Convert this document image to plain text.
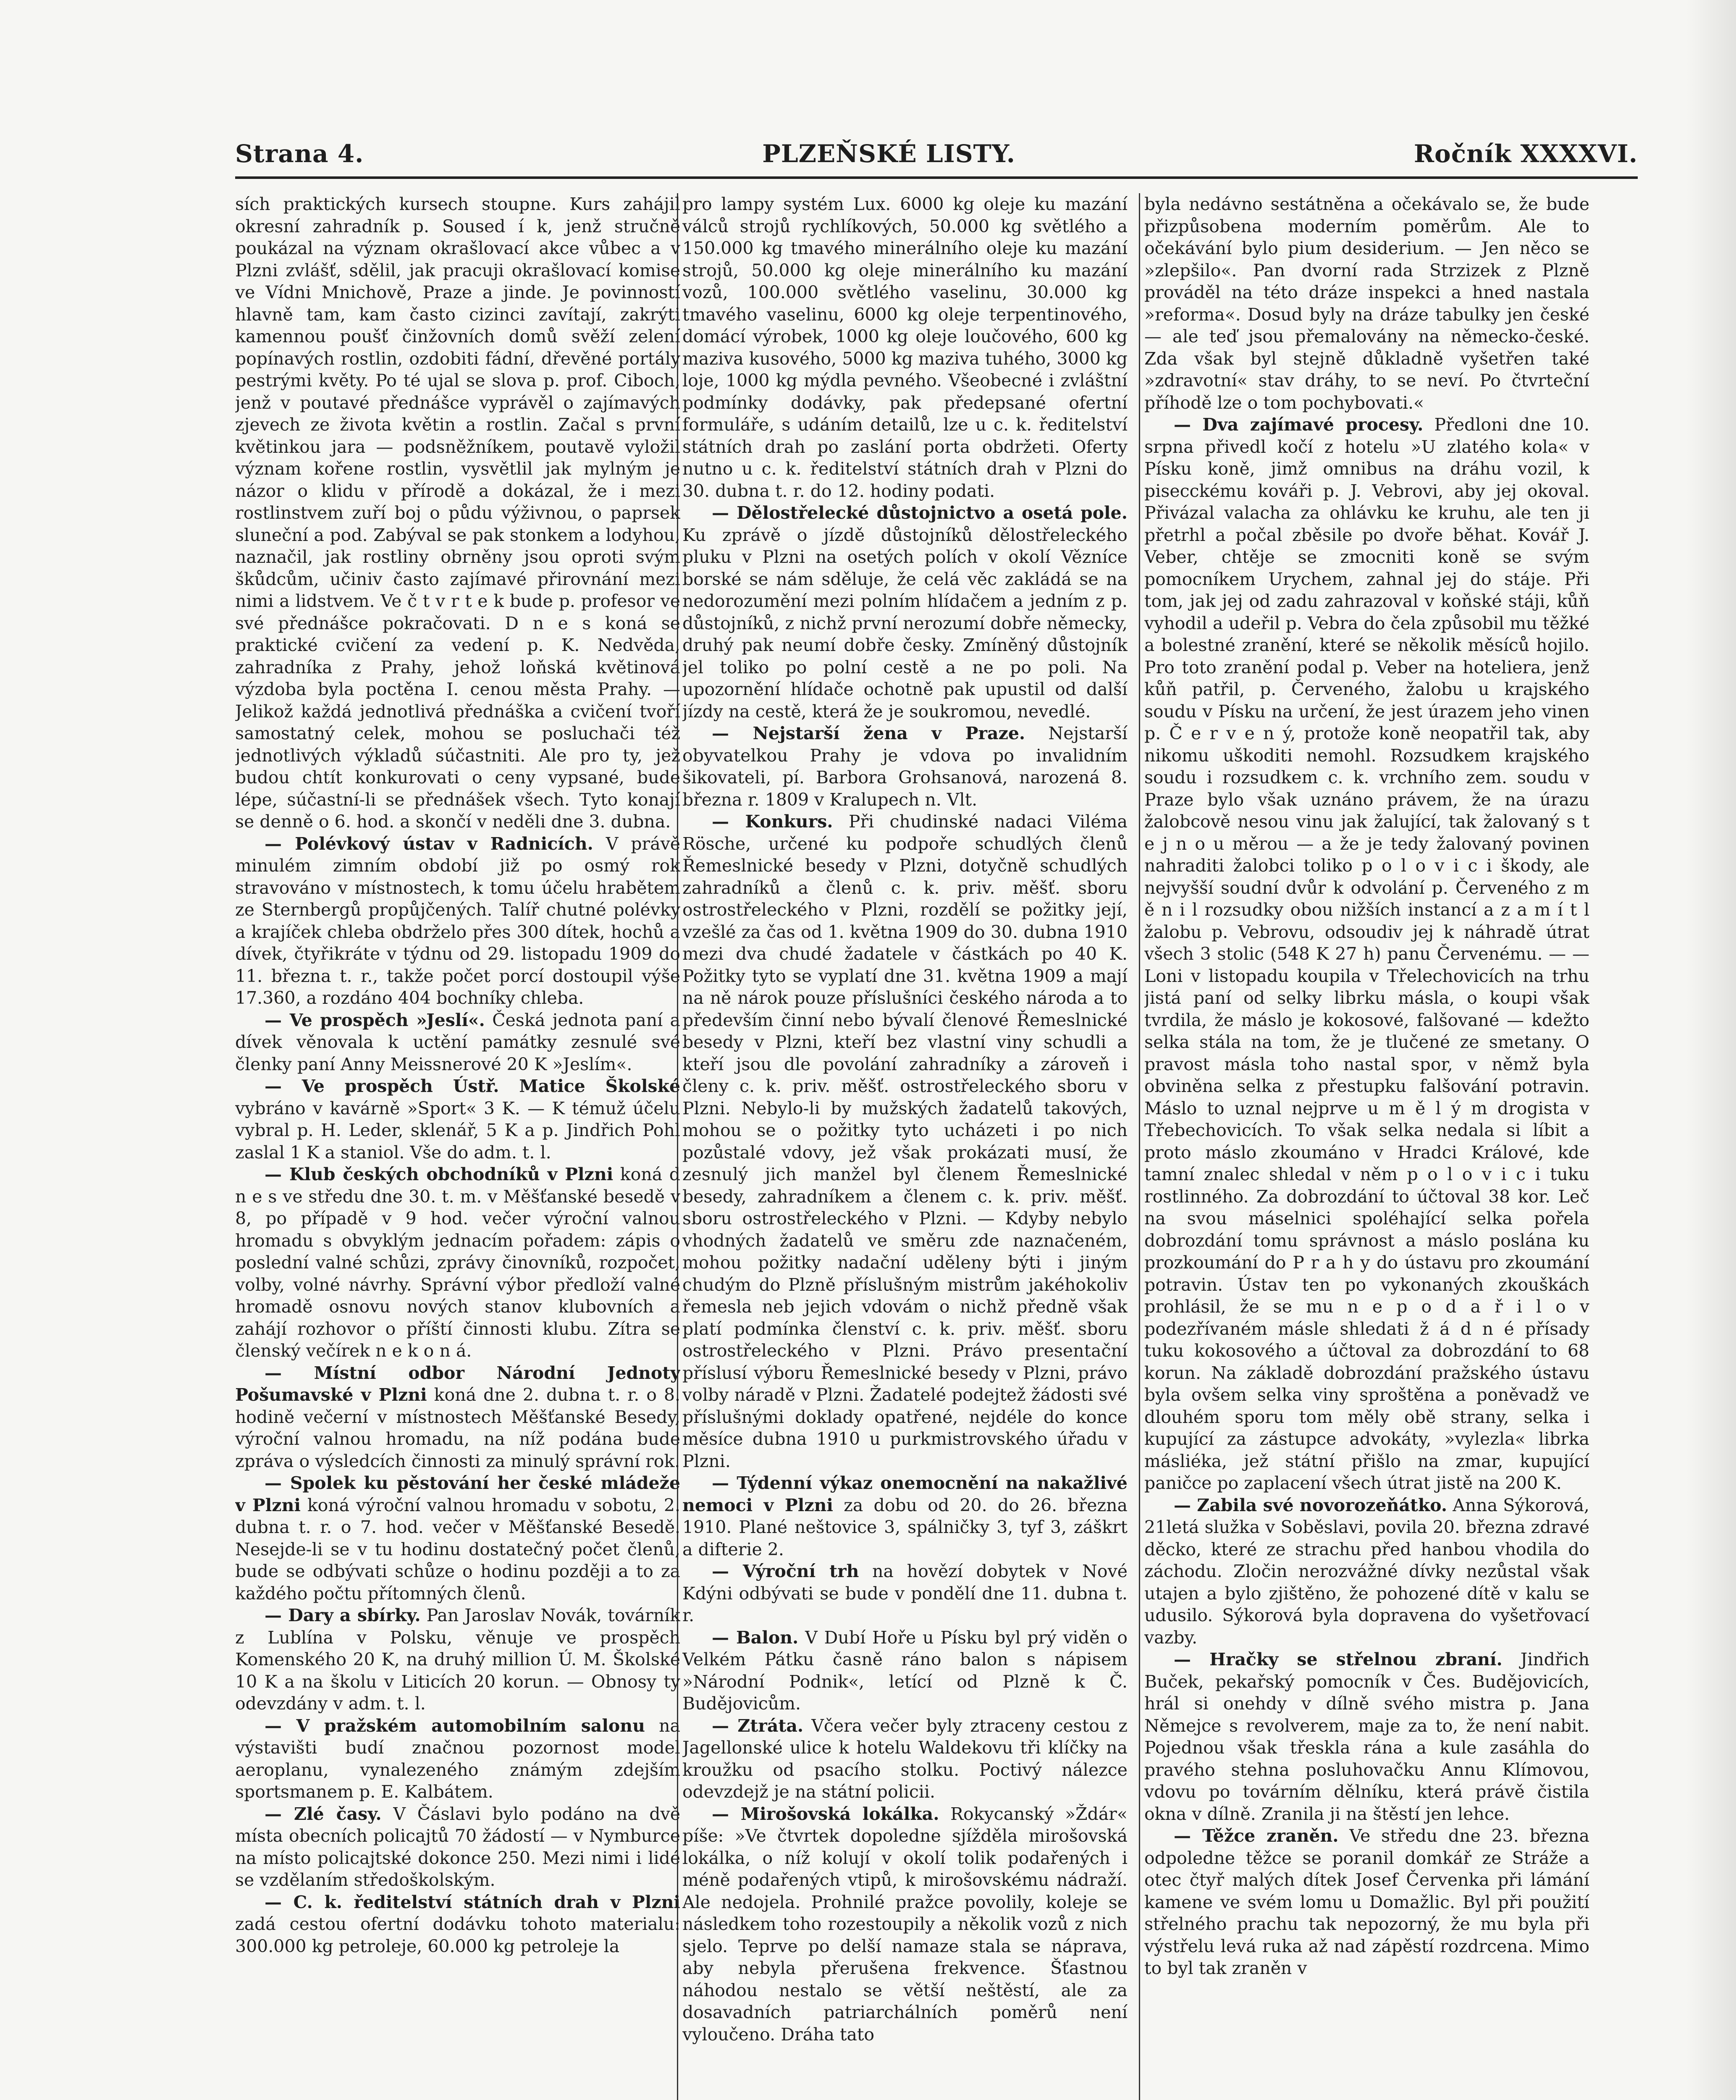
Strana 4.	PLZEŇSKÉ LISTY.	Ročník XXXXVI.

sích praktických kursech stoupne. Kurs zahájil okresní zahradník p. Soused í k, jenž stručně poukázal na význam okrašlovací akce vůbec a v Plzni zvlášť, sdělil, jak pracuji okrašlovací komise ve Vídni Mnichově, Praze a jinde. Je povinností hlavně tam, kam často cizinci zavítají, zakrýti kamennou poušť činžovních domů svěží zelení popínavých rostlin, ozdobiti fádní, dřevěné portály pestrými květy. Po té ujal se slova p. prof. Ciboch, jenž v poutavé přednášce vyprávěl o zajímavých zjevech ze života květin a rostlin. Začal s první květinkou jara — podsněžníkem, poutavě vyložil význam kořene rostlin, vysvětlil jak mylným je názor o klidu v přírodě a dokázal, že i mezi rostlinstvem zuří boj o půdu výživnou, o paprsek sluneční a pod. Zabýval se pak stonkem a lodyhou, naznačil, jak rostliny obrněny jsou oproti svým škůdcům, učiniv často zajímavé přirovnání mezi nimi a lidstvem. Ve č t v r t e k bude p. profesor ve své přednášce pokračovati. D n e s koná se praktické cvičení za vedení p. K. Nedvěda, zahradníka z Prahy, jehož loňská květinová výzdoba byla poctěna I. cenou města Prahy. — Jelikož každá jednotlivá přednáška a cvičení tvoří samostatný celek, mohou se posluchači též jednotlivých výkladů súčastniti. Ale pro ty, jež budou chtít konkurovati o ceny vypsané, bude lépe, súčastní-li se přednášek všech. Tyto konají se denně o 6. hod. a skončí v neděli dne 3. dubna.

— Polévkový ústav v Radnicích. V právě minulém zimním období již po osmý rok stravováno v místnostech, k tomu účelu hrabětem ze Sternbergů propůjčených. Talíř chutné polévky a krajíček chleba obdrželo přes 300 dítek, hochů a dívek, čtyřikráte v týdnu od 29. listopadu 1909 do 11. března t. r., takže počet porcí dostoupil výše 17.360, a rozdáno 404 bochníky chleba.

— Ve prospěch »Jeslí«. Česká jednota paní a dívek věnovala k uctění památky zesnulé své členky paní Anny Meissnerové 20 K »Jeslím«.

— Ve prospěch Ústř. Matice Školské vybráno v kavárně »Sport« 3 K. — K témuž účelu vybral p. H. Leder, sklenář, 5 K a p. Jindřich Pohl zaslal 1 K a staniol. Vše do adm. t. l.

— Klub českých obchodníků v Plzni koná d n e s ve středu dne 30. t. m. v Měšťanské besedě v 8, po případě v 9 hod. večer výroční valnou hromadu s obvyklým jednacím pořadem: zápis o poslední valné schůzi, zprávy činovníků, rozpočet, volby, volné návrhy. Správní výbor předloží valné hromadě osnovu nových stanov klubovních a zahájí rozhovor o příští činnosti klubu. Zítra se členský večírek n e k o n á.

— Místní odbor Národní Jednoty Pošumavské v Plzni koná dne 2. dubna t. r. o 8. hodině večerní v místnostech Měšťanské Besedy, výroční valnou hromadu, na níž podána bude zpráva o výsledcích činnosti za minulý správní rok.

— Spolek ku pěstování her české mládeže v Plzni koná výroční valnou hromadu v sobotu, 2. dubna t. r. o 7. hod. večer v Měšťanské Besedě. Nesejde-li se v tu hodinu dostatečný počet členů, bude se odbývati schůze o hodinu později a to za každého počtu přítomných členů.

— Dary a sbírky. Pan Jaroslav Novák, továrník z Lublína v Polsku, věnuje ve prospěch Komenského 20 K, na druhý million Ú. M. Školské 10 K a na školu v Liticích 20 korun. — Obnosy ty odevzdány v adm. t. l.

— V pražském automobilním salonu na výstavišti budí značnou pozornost model aeroplanu, vynalezeného známým zdejším sportsmanem p. E. Kalbátem.

— Zlé časy. V Čáslavi bylo podáno na dvě místa obecních policajtů 70 žádostí — v Nymburce na místo policajtské dokonce 250. Mezi nimi i lidé se vzdělaním středoškolským.

— C. k. ředitelství státních drah v Plzni zadá cestou ofertní dodávku tohoto materialu: 300.000 kg petroleje, 60.000 kg petroleje la

pro lampy systém Lux. 6000 kg oleje ku mazání válců strojů rychlíkových, 50.000 kg světlého a 150.000 kg tmavého minerálního oleje ku mazání strojů, 50.000 kg oleje minerálního ku mazání vozů, 100.000 světlého vaselinu, 30.000 kg tmavého vaselinu, 6000 kg oleje terpentinového, domácí výrobek, 1000 kg oleje loučového, 600 kg maziva kusového, 5000 kg maziva tuhého, 3000 kg loje, 1000 kg mýdla pevného. Všeobecné i zvláštní podmínky dodávky, pak předepsané ofertní formuláře, s udáním detailů, lze u c. k. ředitelství státních drah po zaslání porta obdržeti. Oferty nutno u c. k. ředitelství státních drah v Plzni do 30. dubna t. r. do 12. hodiny podati.

— Dělostřelecké důstojnictvo a osetá pole. Ku zprávě o jízdě důstojníků dělostřeleckého pluku v Plzni na osetých polích v okolí Vězníce borské se nám sděluje, že celá věc zakládá se na nedorozumění mezi polním hlídačem a jedním z p. důstojníků, z nichž první nerozumí dobře německy, druhý pak neumí dobře česky. Zmíněný důstojník jel toliko po polní cestě a ne po poli. Na upozornění hlídače ochotně pak upustil od další jízdy na cestě, která že je soukromou, nevedlé.

— Nejstarší žena v Praze. Nejstarší obyvatelkou Prahy je vdova po invalidním šikovateli, pí. Barbora Grohsanová, narozená 8. března r. 1809 v Kralupech n. Vlt.

— Konkurs. Při chudinské nadaci Viléma Rösche, určené ku podpoře schudlých členů Řemeslnické besedy v Plzni, dotyčně schudlých zahradníků a členů c. k. priv. měšť. sboru ostrostřeleckého v Plzni, rozdělí se požitky její, vzešlé za čas od 1. května 1909 do 30. dubna 1910 mezi dva chudé žadatele v částkách po 40 K. Požitky tyto se vyplatí dne 31. května 1909 a mají na ně nárok pouze příslušníci českého národa a to především činní nebo bývalí členové Řemeslnické besedy v Plzni, kteří bez vlastní viny schudli a kteří jsou dle povolání zahradníky a zároveň i členy c. k. priv. měšť. ostrostřeleckého sboru v Plzni. Nebylo-li by mužských žadatelů takových, mohou se o požitky tyto ucházeti i po nich pozůstalé vdovy, jež však prokázati musí, že zesnulý jich manžel byl členem Řemeslnické besedy, zahradníkem a členem c. k. priv. měšť. sboru ostrostřeleckého v Plzni. — Kdyby nebylo vhodných žadatelů ve směru zde naznačeném, mohou požitky nadační uděleny býti i jiným chudým do Plzně příslušným mistrům jakéhokoliv řemesla neb jejich vdovám o nichž předně však platí podmínka členství c. k. priv. měšť. sboru ostrostřeleckého v Plzni. Právo presentační příslusí výboru Řemeslnické besedy v Plzni, právo volby náradě v Plzni. Žadatelé podejtež žádosti své příslušnými doklady opatřené, nejdéle do konce měsíce dubna 1910 u purkmistrovského úřadu v Plzni.

— Týdenní výkaz onemocnění na nakažlivé nemoci v Plzni za dobu od 20. do 26. března 1910. Plané neštovice 3, spálničky 3, tyf 3, záškrt a difterie 2.

— Výroční trh na hovězí dobytek v Nové Kdýni odbývati se bude v pondělí dne 11. dubna t. r.

— Balon. V Dubí Hoře u Písku byl prý viděn o Velkém Pátku časně ráno balon s nápisem »Národní Podnik«, letící od Plzně k Č. Budějovicům.

— Ztráta. Včera večer byly ztraceny cestou z Jagellonské ulice k hotelu Waldekovu tři klíčky na kroužku od psacího stolku. Poctivý nálezce odevzdejž je na státní policii.

— Mirošovská lokálka. Rokycanský »Ždár« píše: »Ve čtvrtek dopoledne sjížděla mirošovská lokálka, o níž kolují v okolí tolik podařených i méně podařených vtipů, k mirošovskému nádraží. Ale nedojela. Prohnilé pražce povolily, koleje se následkem toho rozestoupily a několik vozů z nich sjelo. Teprve po delší namaze stala se náprava, aby nebyla přerušena frekvence. Šťastnou náhodou nestalo se větší neštěstí, ale za dosavadních patriarchálních poměrů není vyloučeno. Dráha tato

byla nedávno sestátněna a očekávalo se, že bude přizpůsobena moderním poměrům. Ale to očekávání bylo pium desiderium. — Jen něco se »zlepšilo«. Pan dvorní rada Strzizek z Plzně prováděl na této dráze inspekci a hned nastala »reforma«. Dosud byly na dráze tabulky jen české — ale teď jsou přemalovány na německo-české. Zda však byl stejně důkladně vyšetřen také »zdravotní« stav dráhy, to se neví. Po čtvrteční příhodě lze o tom pochybovati.«

— Dva zajímavé procesy. Předloni dne 10. srpna přivedl kočí z hotelu »U zlatého kola« v Písku koně, jimž omnibus na dráhu vozil, k pisecckému kováři p. J. Vebrovi, aby jej okoval. Přivázal valacha za ohlávku ke kruhu, ale ten ji přetrhl a počal zběsile po dvoře běhat. Kovář J. Veber, chtěje se zmocniti koně se svým pomocníkem Urychem, zahnal jej do stáje. Při tom, jak jej od zadu zahrazoval v koňské stáji, kůň vyhodil a udeřil p. Vebra do čela způsobil mu těžké a bolestné zranění, které se několik měsíců hojilo. Pro toto zranění podal p. Veber na hoteliera, jenž kůň patřil, p. Červeného, žalobu u krajského soudu v Písku na určení, že jest úrazem jeho vinen p. Č e r v e n ý, protože koně neopatřil tak, aby nikomu uškoditi nemohl. Rozsudkem krajského soudu i rozsudkem c. k. vrchního zem. soudu v Praze bylo však uznáno právem, že na úrazu žalobcově nesou vinu jak žalující, tak žalovaný s t e j n o u měrou — a že je tedy žalovaný povinen nahraditi žalobci toliko p o l o v i c i škody, ale nejvyšší soudní dvůr k odvolání p. Červeného z m ě n i l rozsudky obou nižších instancí a z a m í t l žalobu p. Vebrovu, odsoudiv jej k náhradě útrat všech 3 stolic (548 K 27 h) panu Červenému. — — Loni v listopadu koupila v Třelechovicích na trhu jistá paní od selky librku másla, o koupi však tvrdila, že máslo je kokosové, falšované — kdežto selka stála na tom, že je tlučené ze smetany. O pravost másla toho nastal spor, v němž byla obviněna selka z přestupku falšování potravin. Máslo to uznal nejprve u m ě l ý m drogista v Třebechovicích. To však selka nedala si líbit a proto máslo zkoumáno v Hradci Králové, kde tamní znalec shledal v něm p o l o v i c i tuku rostlinného. Za dobrozdání to účtoval 38 kor. Leč na svou máselnici spoléhající selka pořela dobrozdání tomu správnost a máslo poslána ku prozkoumání do P r a h y do ústavu pro zkoumání potravin. Ústav ten po vykonaných zkouškách prohlásil, že se mu n e p o d a ř i l o v podezřívaném másle shledati ž á d n é přísady tuku kokosového a účtoval za dobrozdání to 68 korun. Na základě dobrozdání pražského ústavu byla ovšem selka viny sproštěna a poněvadž ve dlouhém sporu tom měly obě strany, selka i kupující za zástupce advokáty, »vylezla« librka másliéka, jež státní přišlo na zmar, kupující paničce po zaplacení všech útrat jistě na 200 K.

— Zabila své novorozeňátko. Anna Sýkorová, 21letá služka v Soběslavi, povila 20. března zdravé děcko, které ze strachu před hanbou vhodila do záchodu. Zločin nerozvážné dívky nezůstal však utajen a bylo zjištěno, že pohozené dítě v kalu se udusilo. Sýkorová byla dopravena do vyšetřovací vazby.

— Hračky se střelnou zbraní. Jindřich Buček, pekařský pomocník v Čes. Budějovicích, hrál si onehdy v dílně svého mistra p. Jana Němejce s revolverem, maje za to, že není nabit. Pojednou však třeskla rána a kule zasáhla do pravého stehna posluhovačku Annu Klímovou, vdovu po továrním dělníku, která právě čistila okna v dílně. Zranila ji na štěstí jen lehce.

— Těžce zraněn. Ve středu dne 23. března odpoledne těžce se poranil domkář ze Stráže a otec čtyř malých dítek Josef Červenka při lámání kamene ve svém lomu u Domažlic. Byl při použití střelného prachu tak nepozorný, že mu byla při výstřelu levá ruka až nad zápěstí rozdrcena. Mimo to byl tak zraněn v
